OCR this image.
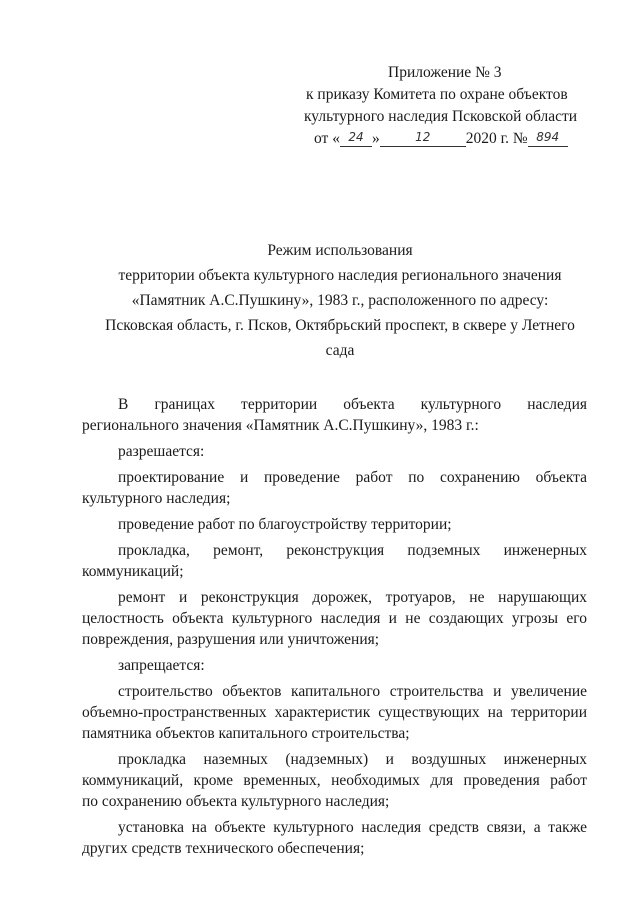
Приложение № 3
к приказу Комитета по охране объектов
культурного наследия Псковской области
от « 24 »	12 2020 г. № 894
Режим использования
территории объекта культурного наследия регионального значения
«Памятник А.С.Пушкину», 1983 г., расположенного по адресу:
Псковская область, г. Псков, Октябрьский проспект, в сквере у Летнего
сада

В границах территории объекта культурного наследия
регионального значения «Памятник А.С.Пушкину», 1983 г.:

разрешается:

проектирование и проведение работ по сохранению объекта
культурного наследия;

проведение работ по благоустройству территории;

прокладка, ремонт, реконструкция подземных инженерных
коммуникаций;

ремонт и реконструкция дорожек, тротуаров, не нарушающих
целостность объекта культурного наследия и не создающих угрозы его
повреждения, разрушения или уничтожения;

запрещается:

строительство объектов капитального строительства и увеличение
объемно-пространственных характеристик существующих на территории
памятника объектов капитального строительства;

прокладка наземных (надземных) и воздушных инженерных
коммуникаций, кроме временных, необходимых для проведения работ
по сохранению объекта культурного наследия;

установка на объекте культурного наследия средств связи, а также
других средств технического обеспечения;
